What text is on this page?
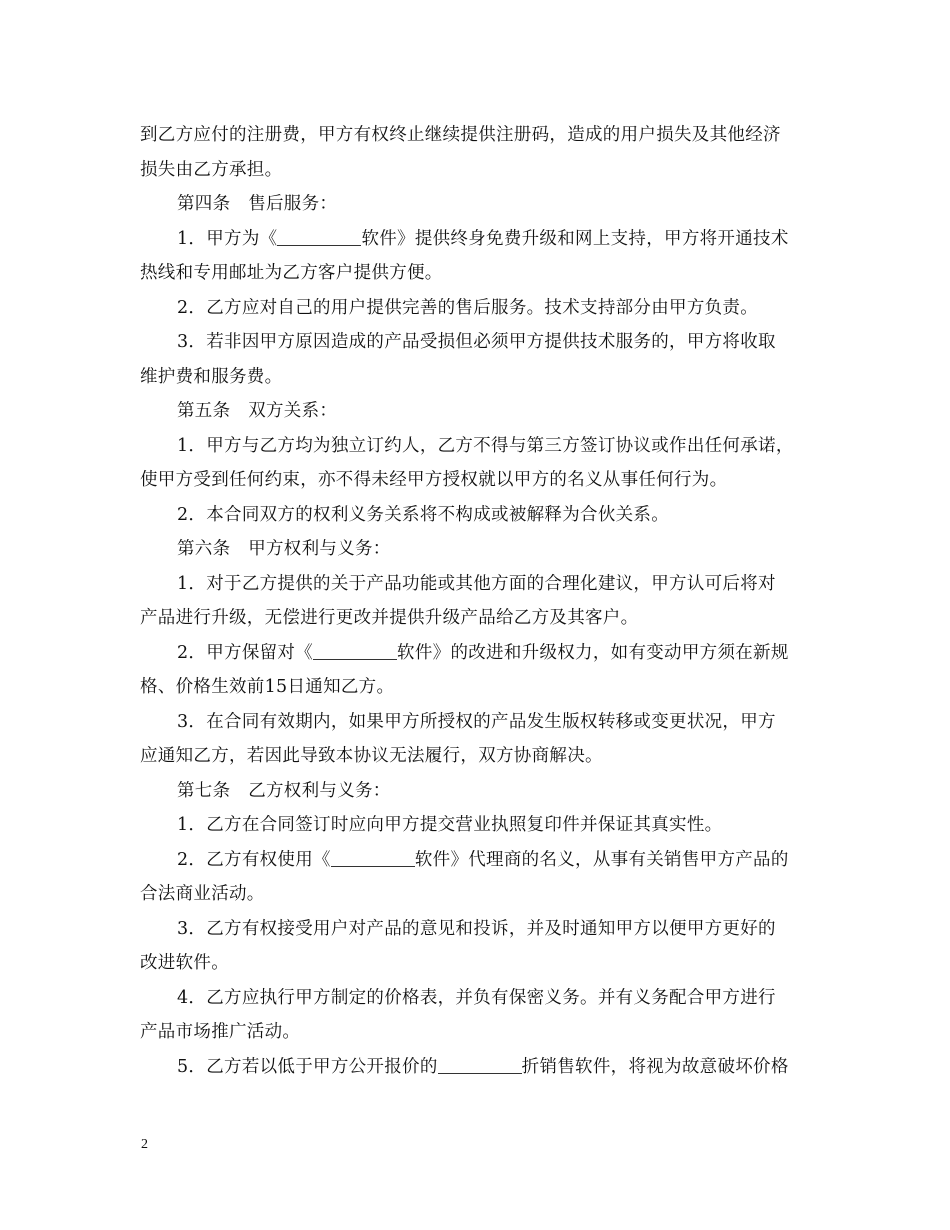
到乙方应付的注册费，甲方有权终止继续提供注册码，造成的用户损失及其他经济
损失由乙方承担。
第四条　售后服务：
1．甲方为《	软件》提供终身免费升级和网上支持，甲方将开通技术
热线和专用邮址为乙方客户提供方便。
2．乙方应对自己的用户提供完善的售后服务。技术支持部分由甲方负责。
3．若非因甲方原因造成的产品受损但必须甲方提供技术服务的，甲方将收取
维护费和服务费。
第五条　双方关系：
1．甲方与乙方均为独立订约人，乙方不得与第三方签订协议或作出任何承诺，
使甲方受到任何约束，亦不得未经甲方授权就以甲方的名义从事任何行为。
2．本合同双方的权利义务关系将不构成或被解释为合伙关系。
第六条　甲方权利与义务：
1．对于乙方提供的关于产品功能或其他方面的合理化建议，甲方认可后将对
产品进行升级，无偿进行更改并提供升级产品给乙方及其客户。
2．甲方保留对《	软件》的改进和升级权力，如有变动甲方须在新规
格、价格生效前15日通知乙方。
3．在合同有效期内，如果甲方所授权的产品发生版权转移或变更状况，甲方
应通知乙方，若因此导致本协议无法履行，双方协商解决。
第七条　乙方权利与义务：
1．乙方在合同签订时应向甲方提交营业执照复印件并保证其真实性。
2．乙方有权使用《	软件》代理商的名义，从事有关销售甲方产品的
合法商业活动。
3．乙方有权接受用户对产品的意见和投诉，并及时通知甲方以便甲方更好的
改进软件。
4．乙方应执行甲方制定的价格表，并负有保密义务。并有义务配合甲方进行
产品市场推广活动。
5．乙方若以低于甲方公开报价的	折销售软件，将视为故意破坏价格
2
